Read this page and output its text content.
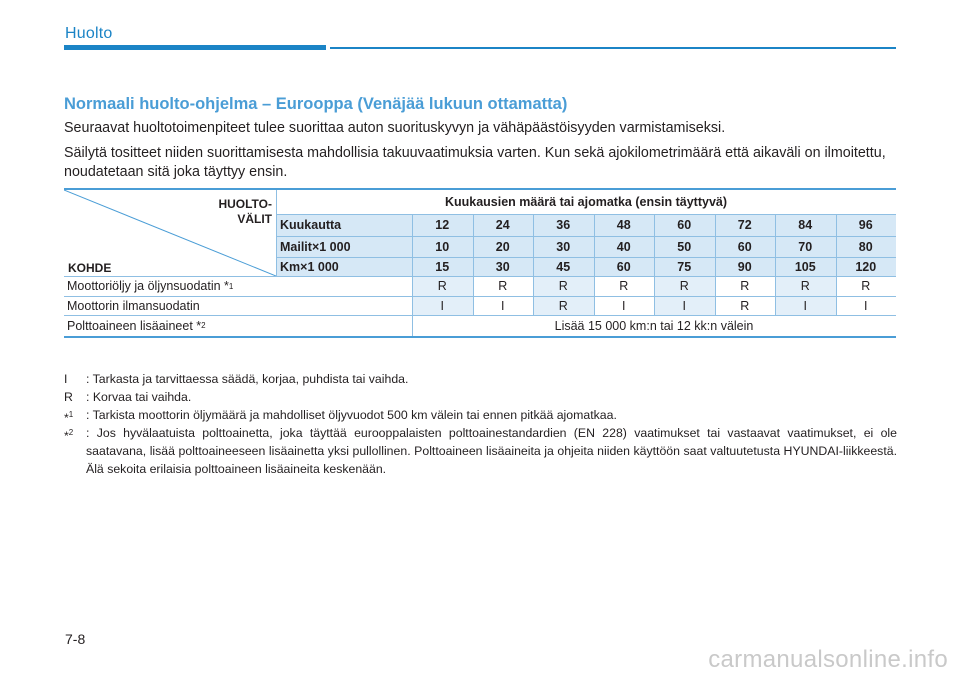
Huolto
Normaali huolto-ohjelma – Eurooppa (Venäjää lukuun ottamatta)
Seuraavat huoltotoimenpiteet tulee suorittaa auton suorituskyvyn ja vähäpäästöisyyden varmistamiseksi.
Säilytä tositteet niiden suorittamisesta mahdollisia takuuvaatimuksia varten. Kun sekä ajokilometrimäärä että aikaväli on ilmoitettu, noudatetaan sitä joka täyttyy ensin.
HUOLTO-
VÄLIT
KOHDE
Kuukausien määrä tai ajomatka (ensin täyttyvä)
Kuukautta	12	24	36	48	60	72	84	96
Mailit×1 000	10	20	30	40	50	60	70	80
Km×1 000	15	30	45	60	75	90	105	120
Moottoriöljy ja öljynsuodatin * 1	R	R	R	R	R	R	R	R
Moottorin ilmansuodatin	I	I	R	I	I	R	I	I
Polttoaineen lisäaineet * 2	Lisää 15 000 km:n tai 12 kk:n välein
I : Tarkasta ja tarvittaessa säädä, korjaa, puhdista tai vaihda.
R : Korvaa tai vaihda.
*$^1$ : Tarkista moottorin öljymäärä ja mahdolliset öljyvuodot 500 km välein tai ennen pitkää ajomatkaa.
*$^2$ : Jos hyvälaatuista polttoainetta, joka täyttää eurooppalaisten polttoainestandardien (EN 228) vaatimukset tai vastaavat vaatimukset, ei ole saatavana, lisää polttoaineeseen lisäainetta yksi pullollinen. Polttoaineen lisäaineita ja ohjeita niiden käyttöön saat valtuutetusta HYUNDAI-liikkeestä. Älä sekoita erilaisia polttoaineen lisäaineita keskenään.
7-8
carmanualsonline.info
